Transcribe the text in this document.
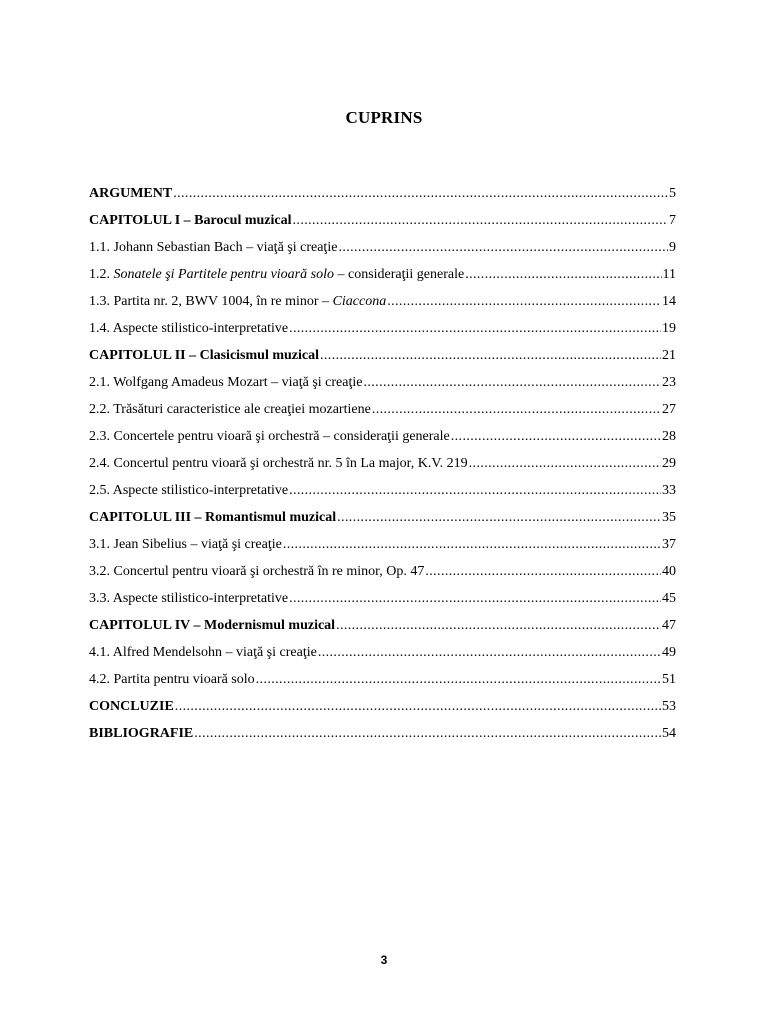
CUPRINS
ARGUMENT .....	5
CAPITOLUL I – Barocul muzical .....	7
1.1. Johann Sebastian Bach – viaţă şi creaţie .....	9
1.2. Sonatele şi Partitele pentru vioară solo – consideraţii generale .....	11
1.3. Partita nr. 2, BWV 1004, în re minor – Ciaccona .....	14
1.4. Aspecte stilistico-interpretative .....	19
CAPITOLUL II – Clasicismul muzical .....	21
2.1. Wolfgang Amadeus Mozart – viaţă şi creaţie .....	23
2.2. Trăsături caracteristice ale creaţiei mozartiene .....	27
2.3. Concertele pentru vioară şi orchestră – consideraţii generale .....	28
2.4. Concertul pentru vioară şi orchestră nr. 5 în La major, K.V. 219 .....	29
2.5. Aspecte stilistico-interpretative .....	33
CAPITOLUL III – Romantismul muzical .....	35
3.1. Jean Sibelius – viaţă şi creaţie .....	37
3.2. Concertul pentru vioară şi orchestră în re minor, Op. 47 .....	40
3.3. Aspecte stilistico-interpretative .....	45
CAPITOLUL IV – Modernismul muzical .....	47
4.1. Alfred Mendelsohn – viaţă şi creaţie .....	49
4.2. Partita pentru vioară solo .....	51
CONCLUZIE .....	53
BIBLIOGRAFIE .....	54
3
